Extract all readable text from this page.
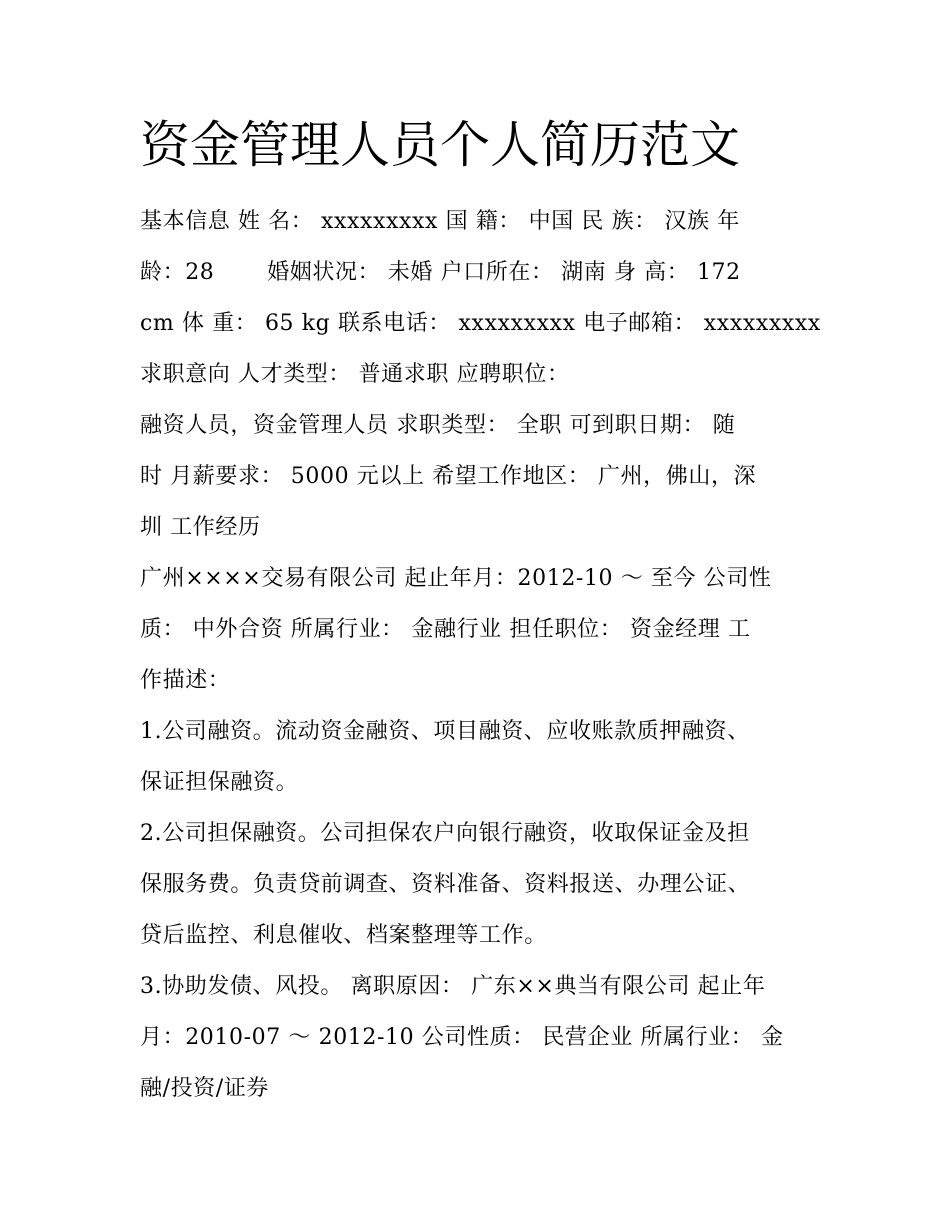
资金管理人员个人简历范文

基本信息 姓 名： xxxxxxxxx 国 籍： 中国 民 族： 汉族 年

龄：28 　　婚姻状况： 未婚 户口所在： 湖南 身 高： 172

cm 体 重： 65 kg 联系电话： xxxxxxxxx 电子邮箱： xxxxxxxxx

求职意向 人才类型： 普通求职 应聘职位：

融资人员，资金管理人员 求职类型： 全职 可到职日期： 随

时 月薪要求： 5000 元以上 希望工作地区： 广州，佛山，深

圳 工作经历

广州××××交易有限公司 起止年月：2012-10 ～ 至今 公司性

质： 中外合资 所属行业： 金融行业 担任职位： 资金经理 工

作描述：

1.公司融资。流动资金融资、项目融资、应收账款质押融资、

保证担保融资。

2.公司担保融资。公司担保农户向银行融资，收取保证金及担

保服务费。负责贷前调查、资料准备、资料报送、办理公证、

贷后监控、利息催收、档案整理等工作。

3.协助发债、风投。 离职原因： 广东××典当有限公司 起止年

月：2010-07 ～ 2012-10 公司性质： 民营企业 所属行业： 金

融/投资/证券
